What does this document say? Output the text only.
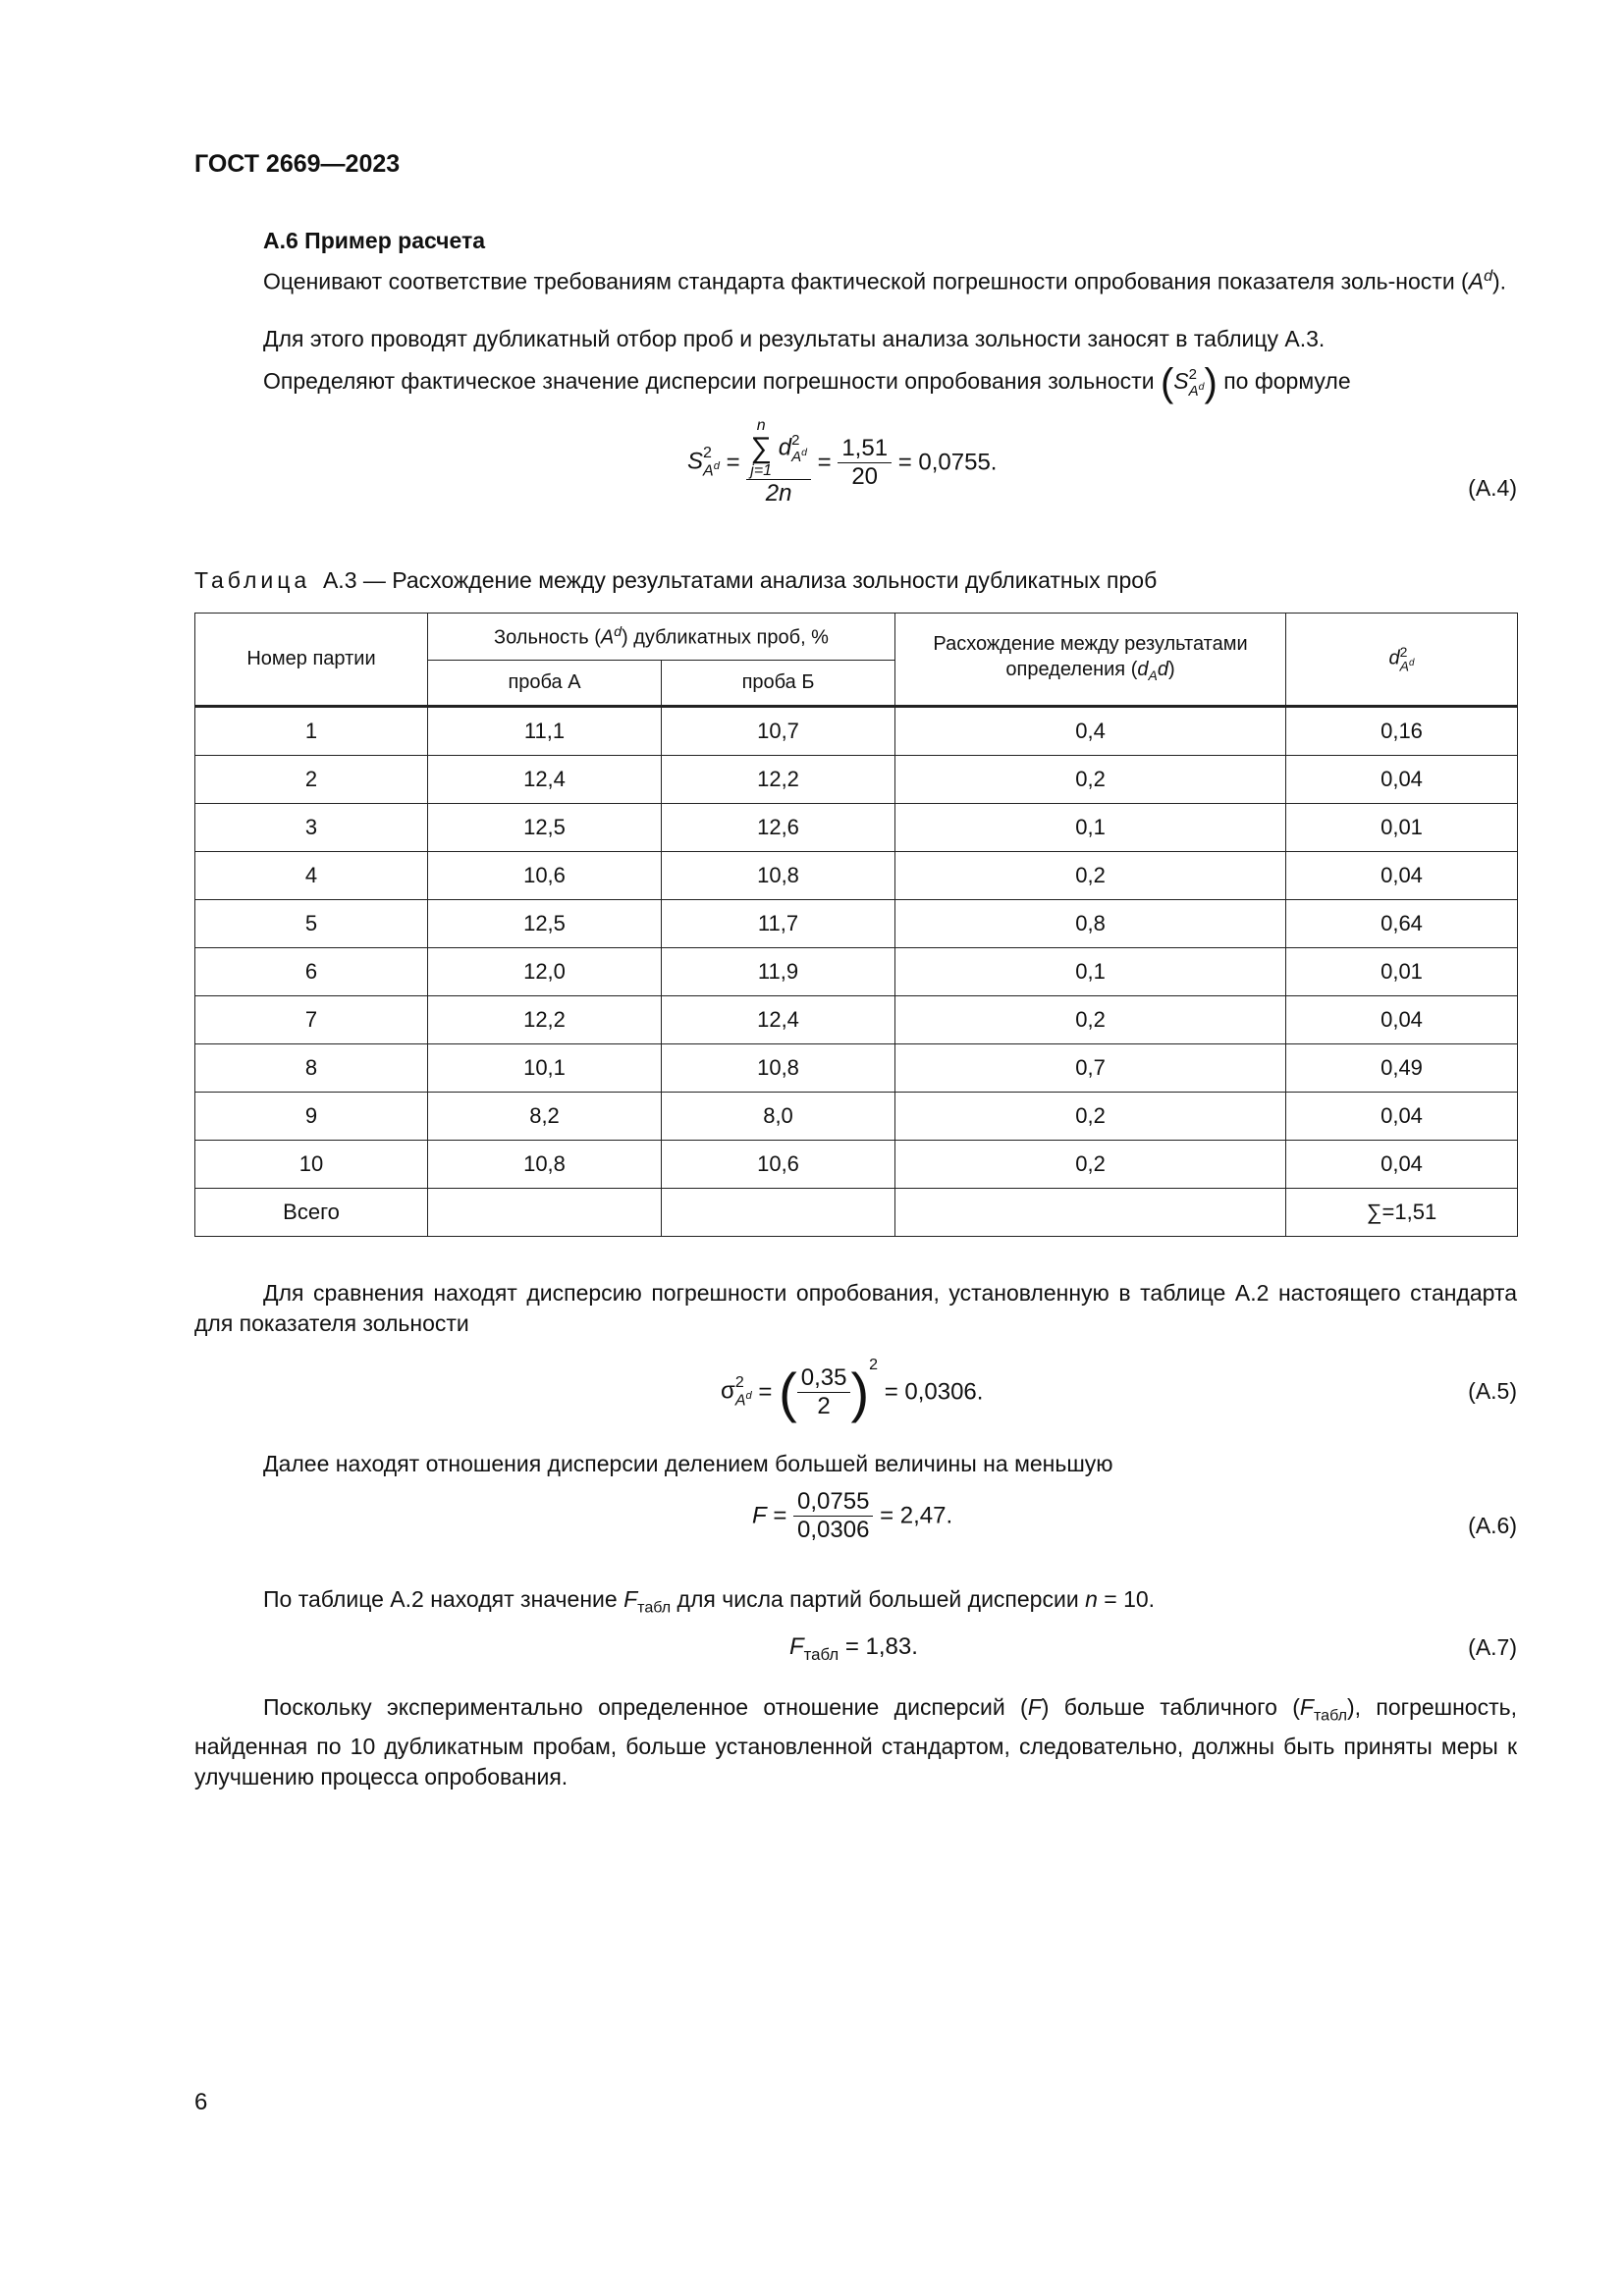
ГОСТ 2669—2023
А.6 Пример расчета

Оценивают соответствие требованиям стандарта фактической погрешности опробования показателя золь-ности $(A^d)$.

Для этого проводят дубликатный отбор проб и результаты анализа зольности заносят в таблицу А.3.
Определяют фактическое значение дисперсии погрешности опробования зольности (S 2
$A^d$ ) по формуле
S 2
$A^d = n$
∑
j=1
d 2
$A^d$
$2n = \frac{1,51}{20} = 0,0755$.
(А.4)
Таблица А.3 — Расхождение между результатами анализа зольности дубликатных проб
Номер партии	Зольность $(A^d)$ дубликатных проб, %		Расхождение между результатами определения $(d_Ad)$	d 2
$A^d$

	проба А	проба Б		
1	11,1	10,7	0,4	0,16
2	12,4	12,2	0,2	0,04
3	12,5	12,6	0,1	0,01
4	10,6	10,8	0,2	0,04
5	12,5	11,7	0,8	0,64
6	12,0	11,9	0,1	0,01
7	12,2	12,4	0,2	0,04
8	10,1	10,8	0,7	0,49
9	8,2	8,0	0,2	0,04
10	10,8	10,6	0,2	0,04
Всего				∑=1,51

Для сравнения находят дисперсию погрешности опробования, установленную в таблице А.2 настоящего стандарта для показателя зольности

σ 2
$A^d$ = ( $\frac{0,35}{2} )^2 = 0,0306$.	(А.5)
Далее находят отношения дисперсии делением большей величины на меньшую
$F = \frac{0,0755}{0,0306} = 2,47$.	(А.6)
По таблице А.2 находят значение $F_{табл}$ для числа партий большей дисперсии n = 10.
$F_{табл} = 1,83$.	(А.7)

Поскольку экспериментально определенное отношение дисперсий (F) больше табличного $(F_{табл})$, погрешность, найденная по 10 дубликатным пробам, больше установленной стандартом, следовательно, должны быть приняты меры к улучшению процесса опробования.

6
